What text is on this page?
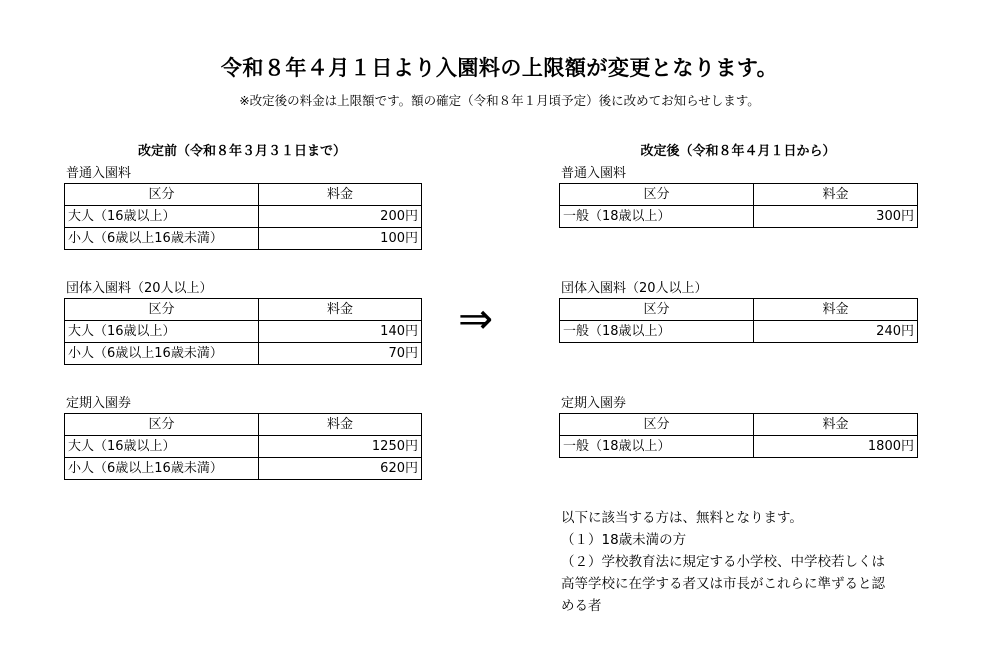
令和８年４月１日より入園料の上限額が変更となります。
※改定後の料金は上限額です。額の確定（令和８年１月頃予定）後に改めてお知らせします。
改定前（令和８年３月３１日まで）
普通入園料
区分	料金
大人（16歳以上）	200円
小人（6歳以上16歳未満）	100円
団体入園料（20人以上）
区分	料金
大人（16歳以上）	140円
小人（6歳以上16歳未満）	70円
定期入園券
区分	料金
大人（16歳以上）	1250円
小人（6歳以上16歳未満）	620円
⇒
改定後（令和８年４月１日から）
普通入園料
区分	料金
一般（18歳以上）	300円
団体入園料（20人以上）
区分	料金
一般（18歳以上）	240円
定期入園券
区分	料金
一般（18歳以上）	1800円
以下に該当する方は、無料となります。
（１）18歳未満の方
（２）学校教育法に規定する小学校、中学校若しくは
高等学校に在学する者又は市長がこれらに準ずると認
める者
